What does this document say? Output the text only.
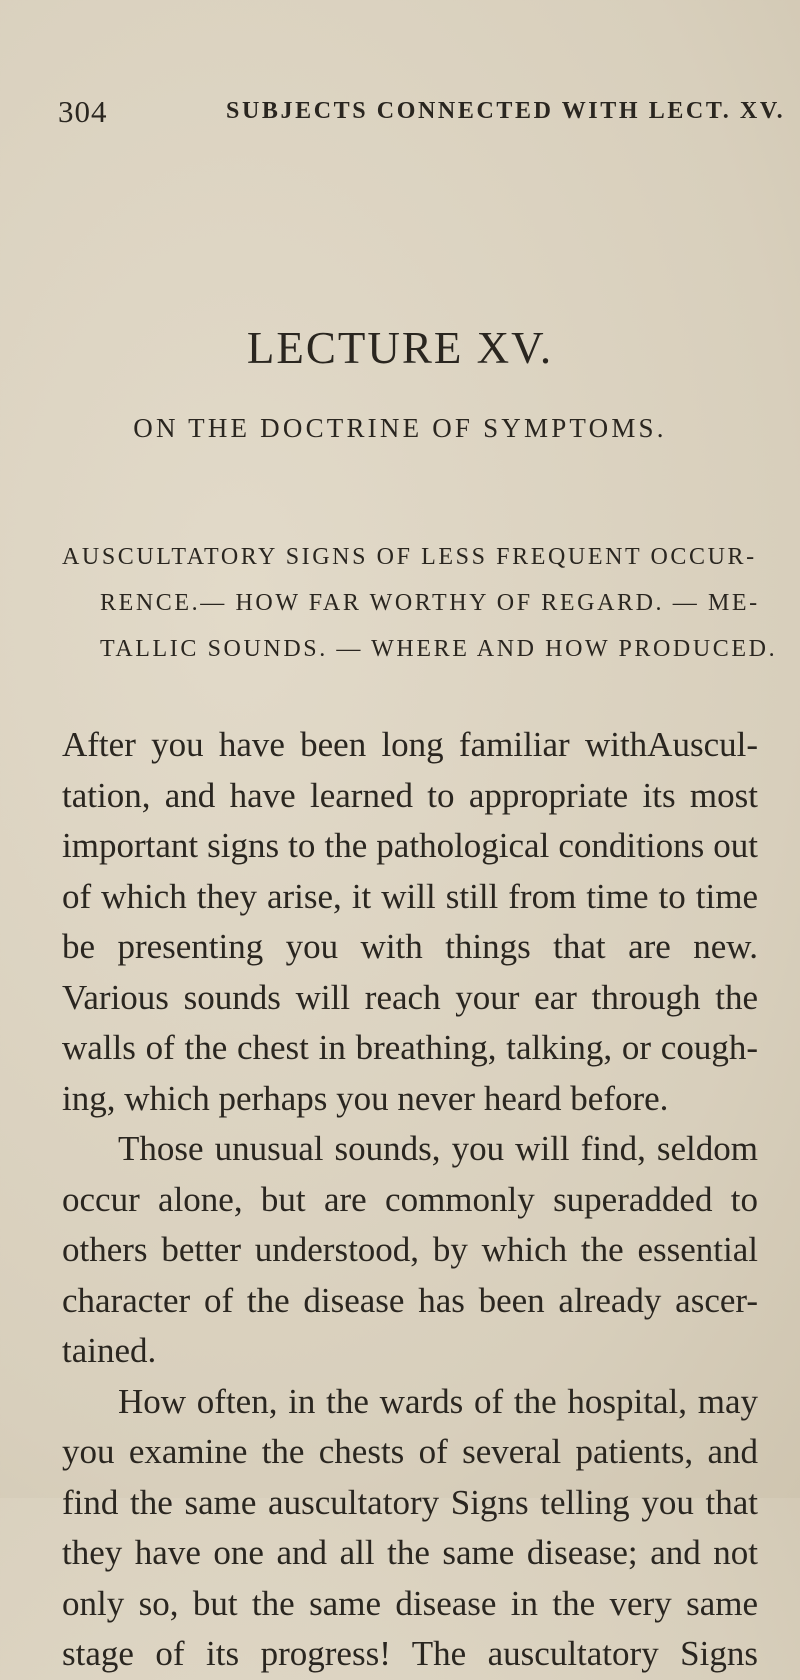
304	SUBJECTS CONNECTED WITH LECT. XV.
LECTURE XV.
ON THE DOCTRINE OF SYMPTOMS.
AUSCULTATORY SIGNS OF LESS FREQUENT OCCUR-
RENCE.— HOW FAR WORTHY OF REGARD. — ME-
TALLIC SOUNDS. — WHERE AND HOW PRODUCED.
After you have been long familiar withAuscul-
tation, and have learned to appropriate its most
important signs to the pathological conditions out
of which they arise, it will still from time to time
be presenting you with things that are new.
Various sounds will reach your ear through the
walls of the chest in breathing, talking, or cough-
ing, which perhaps you never heard before.
Those unusual sounds, you will find, seldom
occur alone, but are commonly superadded to
others better understood, by which the essential
character of the disease has been already ascer-
tained.
How often, in the wards of the hospital, may
you examine the chests of several patients, and
find the same auscultatory Signs telling you that
they have one and all the same disease; and not
only so, but the same disease in the very same
stage of its progress! The auscultatory Signs
